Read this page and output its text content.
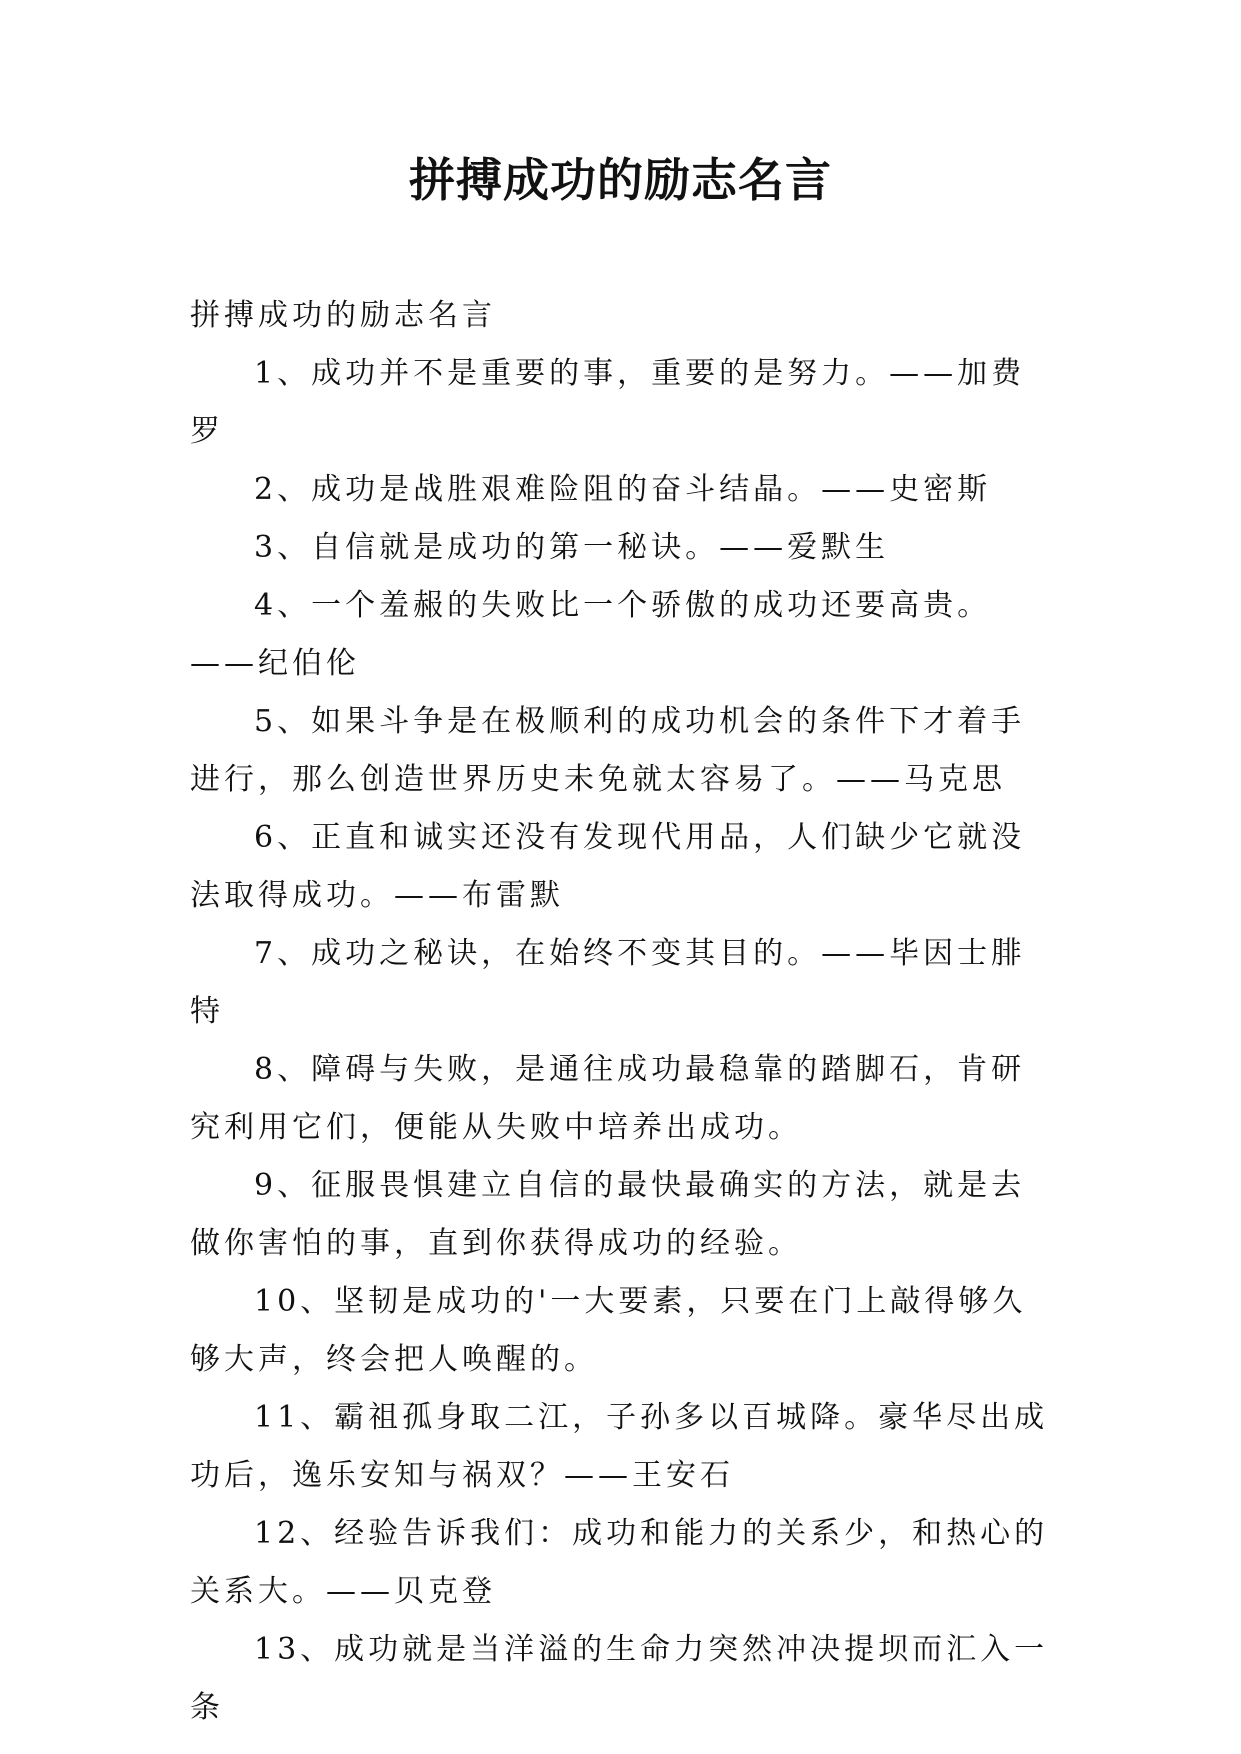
拼搏成功的励志名言

拼搏成功的励志名言

1、成功并不是重要的事，重要的是努力。——加费罗

2、成功是战胜艰难险阻的奋斗结晶。——史密斯

3、自信就是成功的第一秘诀。——爱默生

4、一个羞赧的失败比一个骄傲的成功还要高贵。——纪伯伦

5、如果斗争是在极顺利的成功机会的条件下才着手进行，那么创造世界历史未免就太容易了。——马克思

6、正直和诚实还没有发现代用品，人们缺少它就没法取得成功。——布雷默

7、成功之秘诀，在始终不变其目的。——毕因士腓特

8、障碍与失败，是通往成功最稳靠的踏脚石，肯研究利用它们，便能从失败中培养出成功。

9、征服畏惧建立自信的最快最确实的方法，就是去做你害怕的事，直到你获得成功的经验。

10、坚韧是成功的'一大要素，只要在门上敲得够久够大声，终会把人唤醒的。

11、霸祖孤身取二江，子孙多以百城降。豪华尽出成功后，逸乐安知与祸双？——王安石

12、经验告诉我们：成功和能力的关系少，和热心的关系大。——贝克登

13、成功就是当洋溢的生命力突然冲决提坝而汇入一条
